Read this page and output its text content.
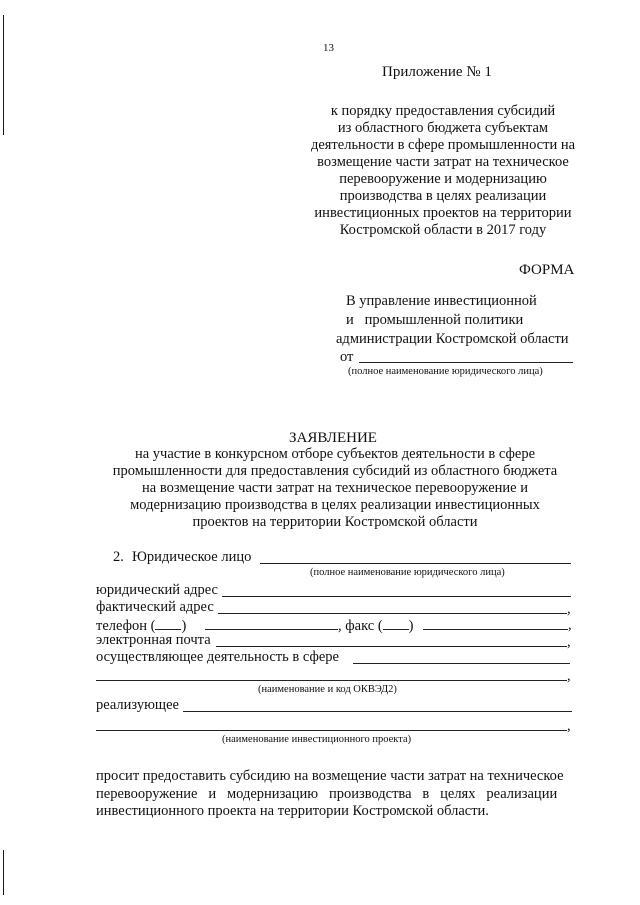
13
Приложение № 1
к порядку предоставления субсидий
из областного бюджета субъектам
деятельности в сфере промышленности на
возмещение части затрат на техническое
перевооружение и модернизацию
производства в целях реализации
инвестиционных проектов на территории
Костромской области в 2017 году
ФОРМА
В управление инвестиционной
и   промышленной политики
администрации Костромской области
от
(полное наименование юридического лица)
ЗАЯВЛЕНИЕ
на участие в конкурсном отборе субъектов деятельности в сфере
промышленности для предоставления субсидий из областного бюджета
на возмещение части затрат на техническое перевооружение и
модернизацию производства в целях реализации инвестиционных
проектов на территории Костромской области
2. Юридическое лицо
(полное наименование юридического лица)
юридический адрес
фактический адрес	,
телефон ( )	, факс ( )	,
электронная почта	,
осуществляющее деятельность в сфере
,
(наименование и код ОКВЭД2)
реализующее
,
(наименование инвестиционного проекта)
просит предоставить субсидию на возмещение части затрат на техническое
перевооружение   и   модернизацию   производства   в   целях   реализации
инвестиционного проекта на территории Костромской области.
